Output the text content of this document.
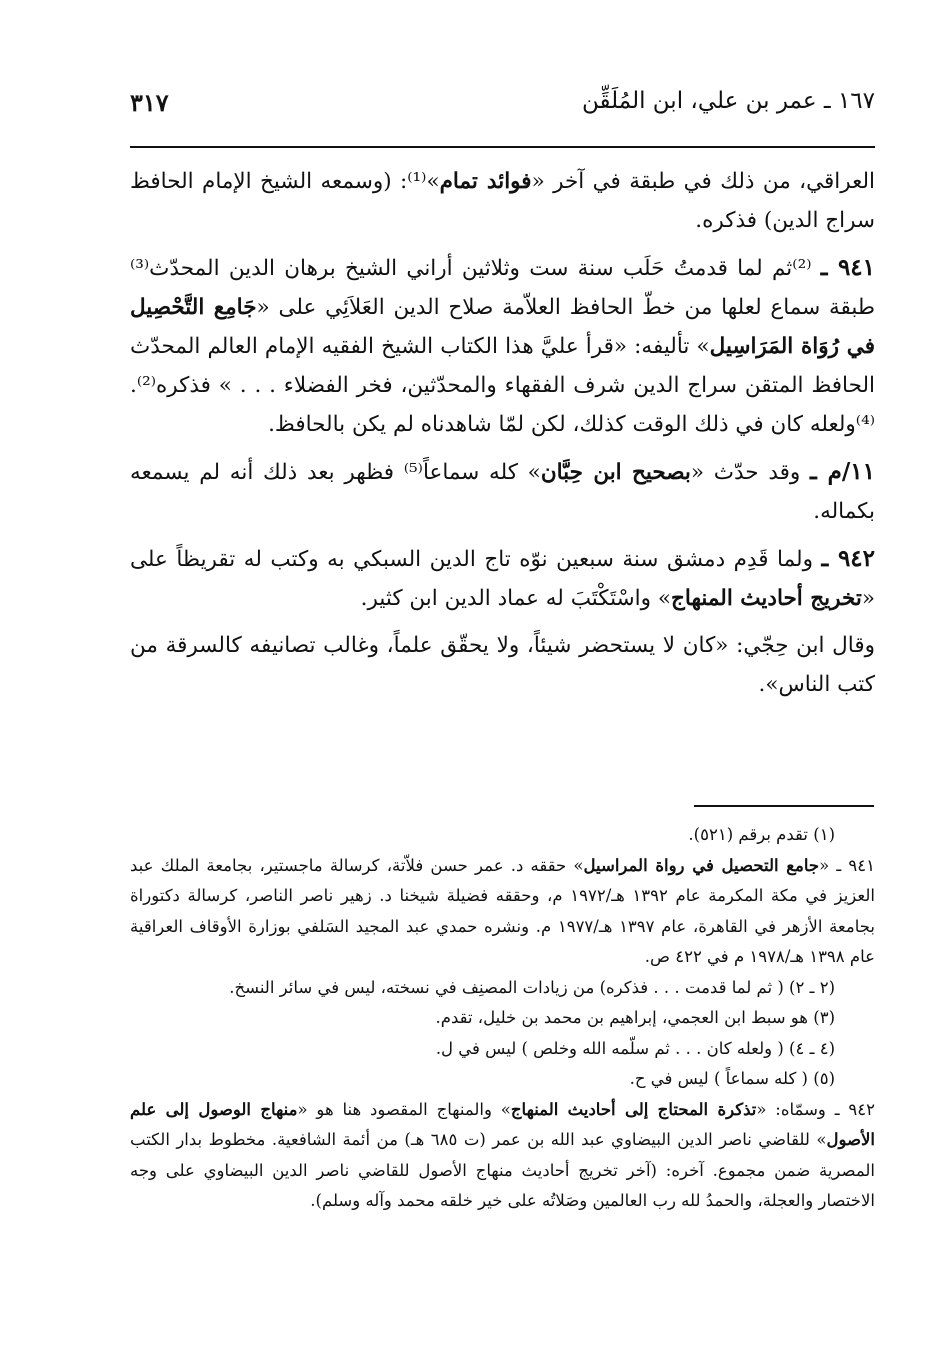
١٦٧ ـ عمر بن علي، ابن المُلَقِّن
٣١٧

العراقي، من ذلك في طبقة في آخر «فوائد تمام»⁽¹⁾: (وسمعه الشيخ الإمام الحافظ سراج الدين) فذكره.

٩٤١ ـ ⁽²⁾ثم لما قدمتُ حَلَب سنة ست وثلاثين أراني الشيخ برهان الدين المحدّث⁽³⁾ طبقة سماع لعلها من خطّ الحافظ العلاّمة صلاح الدين العَلاَئِي على «جَامِع التَّحْصِيل في رُوَاة المَرَاسِيل» تأليفه: «قرأ عليَّ هذا الكتاب الشيخ الفقيه الإمام العالم المحدّث الحافظ المتقن سراج الدين شرف الفقهاء والمحدّثين، فخر الفضلاء . . . » فذكره⁽²⁾. ⁽⁴⁾ولعله كان في ذلك الوقت كذلك، لكن لمّا شاهدناه لم يكن بالحافظ.

١١/م ـ وقد حدّث «بصحيح ابن حِبَّان» كله سماعاً⁽⁵⁾ فظهر بعد ذلك أنه لم يسمعه بكماله.

٩٤٢ ـ ولما قَدِم دمشق سنة سبعين نوّه تاج الدين السبكي به وكتب له تقريظاً على «تخريج أحاديث المنهاج» واسْتَكْتَبَ له عماد الدين ابن كثير.

وقال ابن حِجّي: «كان لا يستحضر شيئاً، ولا يحقّق علماً، وغالب تصانيفه كالسرقة من كتب الناس».

(١) تقدم برقم (٥٢١).

٩٤١ ـ «جامع التحصيل في رواة المراسيل» حققه د. عمر حسن فلاّتة، كرسالة ماجستير، بجامعة الملك عبد العزيز في مكة المكرمة عام ١٣٩٢ هـ/١٩٧٢ م، وحققه فضيلة شيخنا د. زهير ناصر الناصر، كرسالة دكتوراة بجامعة الأزهر في القاهرة، عام ١٣٩٧ هـ/١٩٧٧ م. ونشره حمدي عبد المجيد السَلفي بوزارة الأوقاف العراقية عام ١٣٩٨ هـ/١٩٧٨ م في ٤٢٢ ص.

(٢ ـ ٢) ( ثم لما قدمت . . . فذكره) من زيادات المصنِف في نسخته، ليس في سائر النسخ.

(٣) هو سبط ابن العجمي، إبراهيم بن محمد بن خليل، تقدم.

(٤ ـ ٤) ( ولعله كان . . . ثم سلّمه الله وخلص ) ليس في ل.

(٥) ( كله سماعاً ) ليس في ح.

٩٤٢ ـ وسمّاه: «تذكرة المحتاج إلى أحاديث المنهاج» والمنهاج المقصود هنا هو «منهاج الوصول إلى علم الأصول» للقاضي ناصر الدين البيضاوي عبد الله بن عمر (ت ٦٨٥ هـ) من أئمة الشافعية. مخطوط بدار الكتب المصرية ضمن مجموع. آخره: (آخر تخريج أحاديث منهاج الأصول للقاضي ناصر الدين البيضاوي على وجه الاختصار والعجلة، والحمدُ لله رب العالمين وصَلاتُه على خير خلقه محمد وآله وسلم).
